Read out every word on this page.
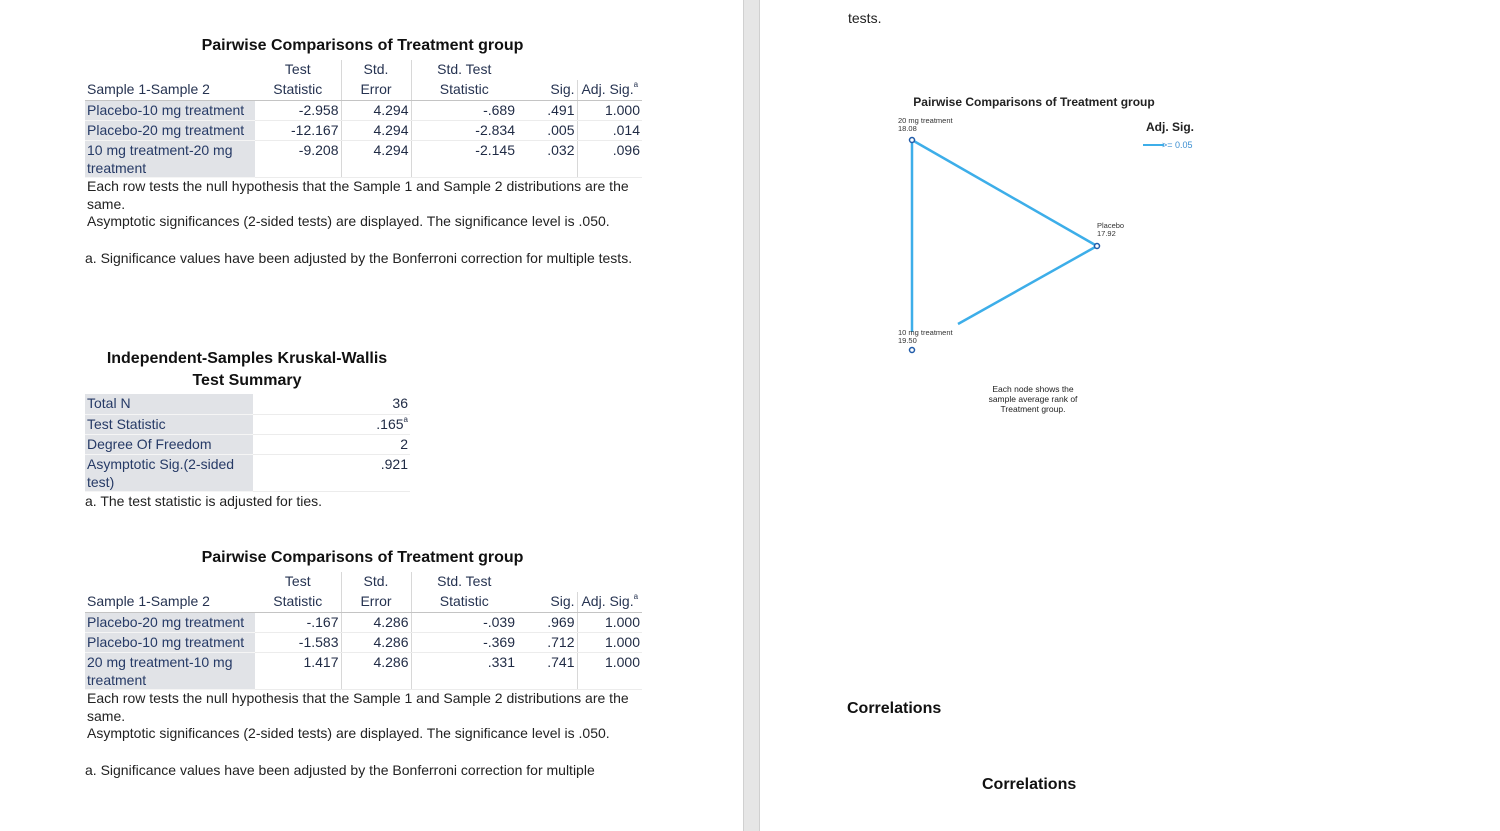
Pairwise Comparisons of Treatment group
	Test	Std.	Std. Test		
Sample 1-Sample 2	Statistic	Error	Statistic	Sig.	Adj. Sig.$^a$
Placebo-10 mg treatment	-2.958	4.294	-.689	.491	1.000
Placebo-20 mg treatment	-12.167	4.294	-2.834	.005	.014
10 mg treatment-20 mg treatment	-9.208	4.294	-2.145	.032	.096
Each row tests the null hypothesis that the Sample 1 and Sample 2 distributions are the same.
Asymptotic significances (2-sided tests) are displayed. The significance level is .050.
a. Significance values have been adjusted by the Bonferroni correction for multiple tests.
Independent-Samples Kruskal-Wallis
Test Summary
Total N	36
Test Statistic	.165$^a$
Degree Of Freedom	2
Asymptotic Sig.(2-sided test)	.921
a. The test statistic is adjusted for ties.
Pairwise Comparisons of Treatment group
	Test	Std.	Std. Test		
Sample 1-Sample 2	Statistic	Error	Statistic	Sig.	Adj. Sig.$^a$
Placebo-20 mg treatment	-.167	4.286	-.039	.969	1.000
Placebo-10 mg treatment	-1.583	4.286	-.369	.712	1.000
20 mg treatment-10 mg treatment	1.417	4.286	.331	.741	1.000
Each row tests the null hypothesis that the Sample 1 and Sample 2 distributions are the same.
Asymptotic significances (2-sided tests) are displayed. The significance level is .050.
a. Significance values have been adjusted by the Bonferroni correction for multiple
tests.
Pairwise Comparisons of Treatment group
Adj. Sig.
>= 0.05
20 mg treatment
18.08
Placebo
17.92
10 mg treatment
19.50
Each node shows the
sample average rank of
Treatment group.
Correlations
Correlations
